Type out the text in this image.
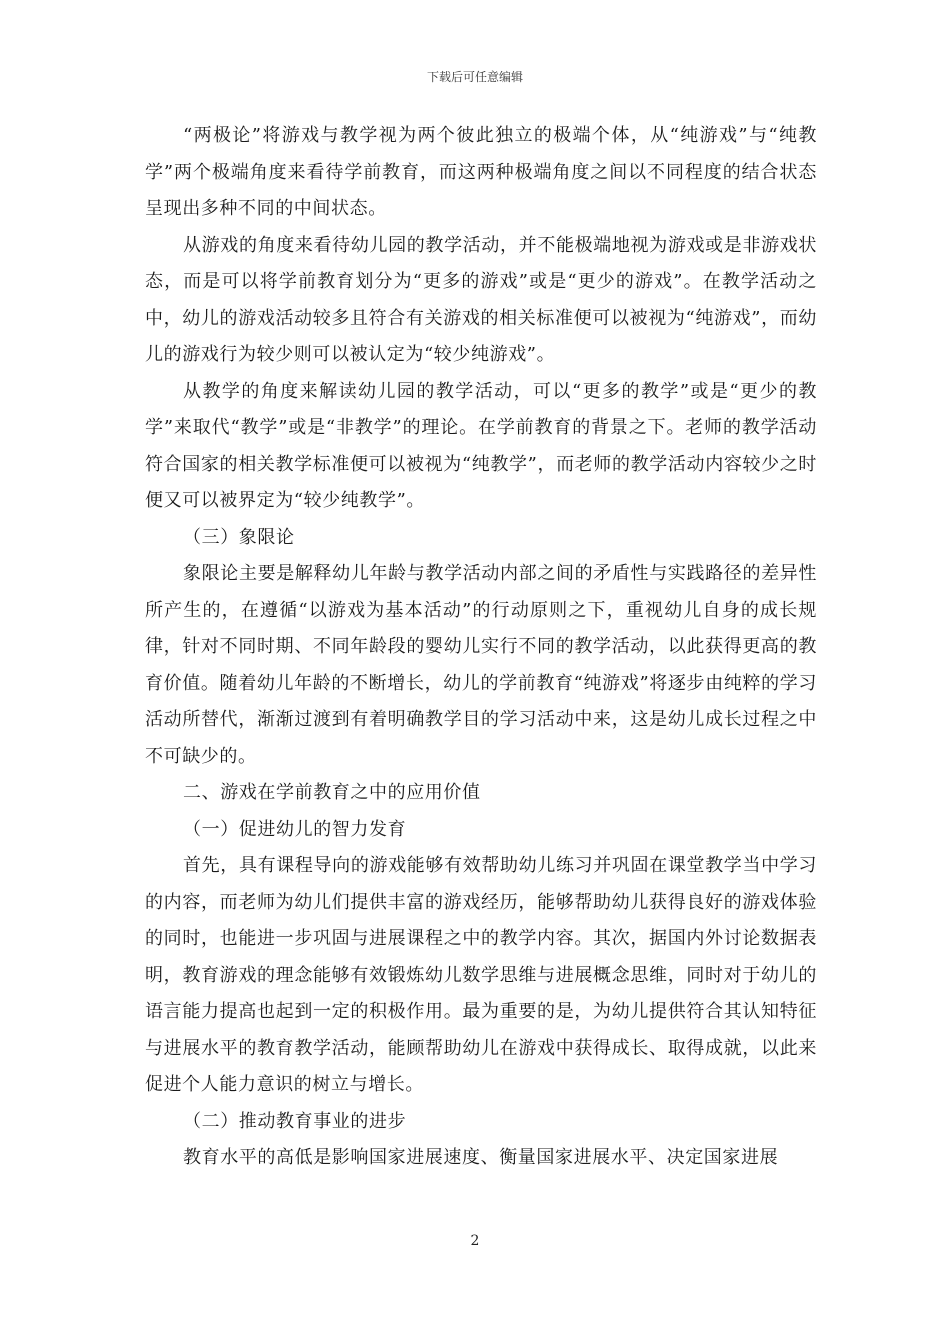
下载后可任意编辑

“两极论”将游戏与教学视为两个彼此独立的极端个体，从“纯游戏”与“纯教学”两个极端角度来看待学前教育，而这两种极端角度之间以不同程度的结合状态呈现出多种不同的中间状态。

从游戏的角度来看待幼儿园的教学活动，并不能极端地视为游戏或是非游戏状态，而是可以将学前教育划分为“更多的游戏”或是“更少的游戏”。在教学活动之中，幼儿的游戏活动较多且符合有关游戏的相关标准便可以被视为“纯游戏”，而幼儿的游戏行为较少则可以被认定为“较少纯游戏”。

从教学的角度来解读幼儿园的教学活动，可以“更多的教学”或是“更少的教学”来取代“教学”或是“非教学”的理论。在学前教育的背景之下。老师的教学活动符合国家的相关教学标准便可以被视为“纯教学”，而老师的教学活动内容较少之时便又可以被界定为“较少纯教学”。

（三）象限论

象限论主要是解释幼儿年龄与教学活动内部之间的矛盾性与实践路径的差异性所产生的，在遵循“以游戏为基本活动”的行动原则之下，重视幼儿自身的成长规律，针对不同时期、不同年龄段的婴幼儿实行不同的教学活动，以此获得更高的教育价值。随着幼儿年龄的不断增长，幼儿的学前教育“纯游戏”将逐步由纯粹的学习活动所替代，渐渐过渡到有着明确教学目的学习活动中来，这是幼儿成长过程之中不可缺少的。

二、游戏在学前教育之中的应用价值

（一）促进幼儿的智力发育

首先，具有课程导向的游戏能够有效帮助幼儿练习并巩固在课堂教学当中学习的内容，而老师为幼儿们提供丰富的游戏经历，能够帮助幼儿获得良好的游戏体验的同时，也能进一步巩固与进展课程之中的教学内容。其次，据国内外讨论数据表明，教育游戏的理念能够有效锻炼幼儿数学思维与进展概念思维，同时对于幼儿的语言能力提高也起到一定的积极作用。最为重要的是，为幼儿提供符合其认知特征与进展水平的教育教学活动，能顾帮助幼儿在游戏中获得成长、取得成就，以此来促进个人能力意识的树立与增长。

（二）推动教育事业的进步

教育水平的高低是影响国家进展速度、衡量国家进展水平、决定国家进展

2
